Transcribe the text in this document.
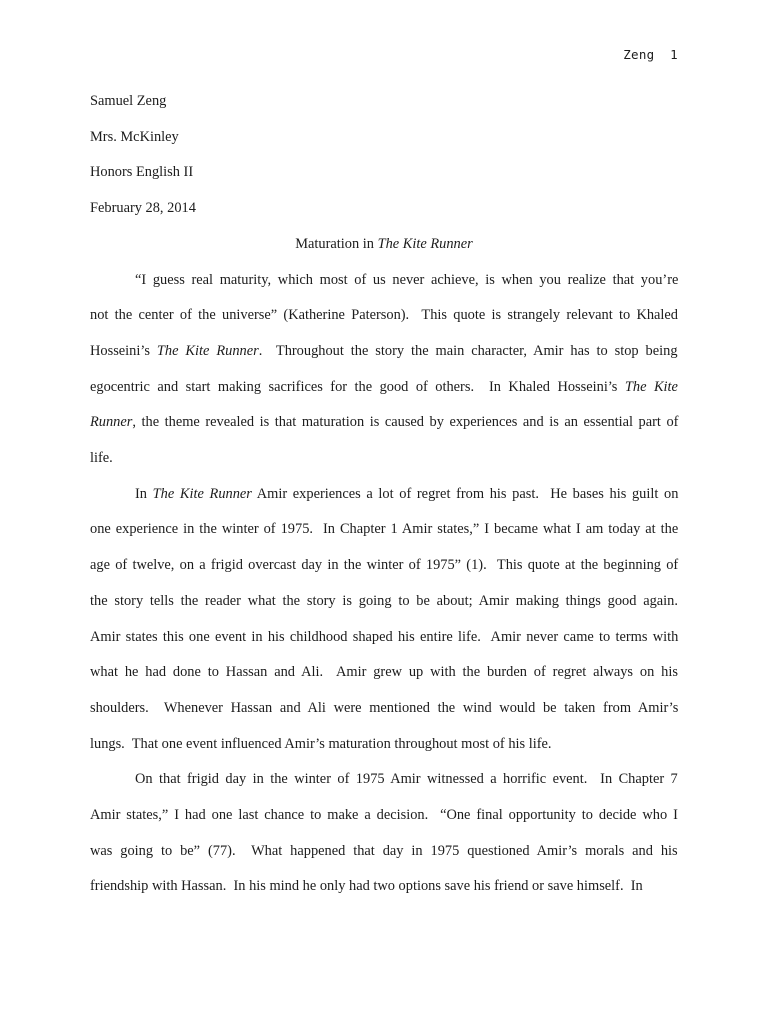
Zeng 1
Samuel Zeng
Mrs. McKinley
Honors English II
February 28, 2014
Maturation in The Kite Runner
“I guess real maturity, which most of us never achieve, is when you realize that you’re
not the center of the universe” (Katherine Paterson).  This quote is strangely relevant to Khaled
Hosseini’s The Kite Runner.  Throughout the story the main character, Amir has to stop being
egocentric and start making sacrifices for the good of others.  In Khaled Hosseini’s The Kite
Runner, the theme revealed is that maturation is caused by experiences and is an essential part of
life.
In The Kite Runner Amir experiences a lot of regret from his past.  He bases his guilt on
one experience in the winter of 1975.  In Chapter 1 Amir states,” I became what I am today at the
age of twelve, on a frigid overcast day in the winter of 1975” (1).  This quote at the beginning of
the story tells the reader what the story is going to be about; Amir making things good again.
Amir states this one event in his childhood shaped his entire life.  Amir never came to terms with
what he had done to Hassan and Ali.  Amir grew up with the burden of regret always on his
shoulders.  Whenever Hassan and Ali were mentioned the wind would be taken from Amir’s
lungs.  That one event influenced Amir’s maturation throughout most of his life.
On that frigid day in the winter of 1975 Amir witnessed a horrific event.  In Chapter 7
Amir states,” I had one last chance to make a decision.  “One final opportunity to decide who I
was going to be” (77).  What happened that day in 1975 questioned Amir’s morals and his
friendship with Hassan.  In his mind he only had two options save his friend or save himself.  In
